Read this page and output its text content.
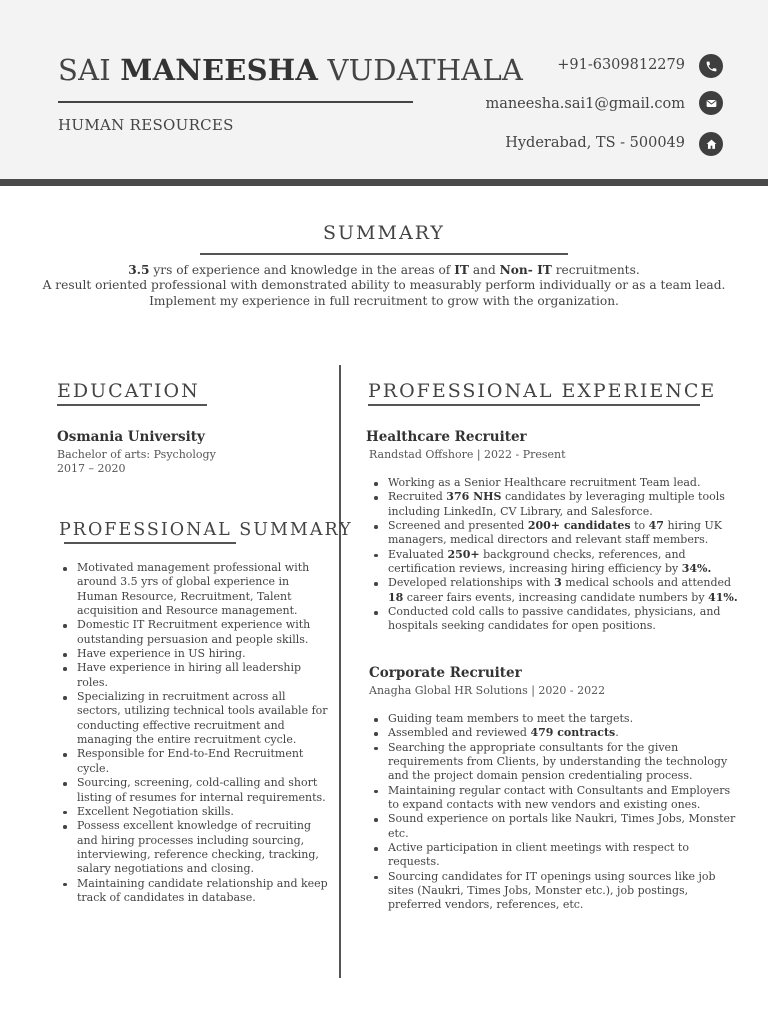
SAI MANEESHA VUDATHALA
HUMAN RESOURCES
+91-6309812279
maneesha.sai1@gmail.com
Hyderabad, TS - 500049
SUMMARY
3.5 yrs of experience and knowledge in the areas of IT and Non- IT recruitments.
A result oriented professional with demonstrated ability to measurably perform individually or as a team lead.
Implement my experience in full recruitment to grow with the organization.
EDUCATION
Osmania University
Bachelor of arts: Psychology
2017 – 2020
PROFESSIONAL SUMMARY
Motivated management professional with around 3.5 yrs of global experience in Human Resource, Recruitment, Talent acquisition and Resource management.
Domestic IT Recruitment experience with outstanding persuasion and people skills.
Have experience in US hiring.
Have experience in hiring all leadership roles.
Specializing in recruitment across all sectors, utilizing technical tools available for conducting effective recruitment and managing the entire recruitment cycle.
Responsible for End-to-End Recruitment cycle.
Sourcing, screening, cold-calling and short listing of resumes for internal requirements.
Excellent Negotiation skills.
Possess excellent knowledge of recruiting and hiring processes including sourcing, interviewing, reference checking, tracking, salary negotiations and closing.
Maintaining candidate relationship and keep track of candidates in database.
PROFESSIONAL EXPERIENCE
Healthcare Recruiter
Randstad Offshore | 2022 - Present
Working as a Senior Healthcare recruitment Team lead.
Recruited 376 NHS candidates by leveraging multiple tools including LinkedIn, CV Library, and Salesforce.
Screened and presented 200+ candidates to 47 hiring UK managers, medical directors and relevant staff members.
Evaluated 250+ background checks, references, and certification reviews, increasing hiring efficiency by 34%.
Developed relationships with 3 medical schools and attended 18 career fairs events, increasing candidate numbers by 41%.
Conducted cold calls to passive candidates, physicians, and hospitals seeking candidates for open positions.
Corporate Recruiter
Anagha Global HR Solutions | 2020 - 2022
Guiding team members to meet the targets.
Assembled and reviewed 479 contracts.
Searching the appropriate consultants for the given requirements from Clients, by understanding the technology and the project domain pension credentialing process.
Maintaining regular contact with Consultants and Employers to expand contacts with new vendors and existing ones.
Sound experience on portals like Naukri, Times Jobs, Monster etc.
Active participation in client meetings with respect to requests.
Sourcing candidates for IT openings using sources like job sites (Naukri, Times Jobs, Monster etc.), job postings, preferred vendors, references, etc.
